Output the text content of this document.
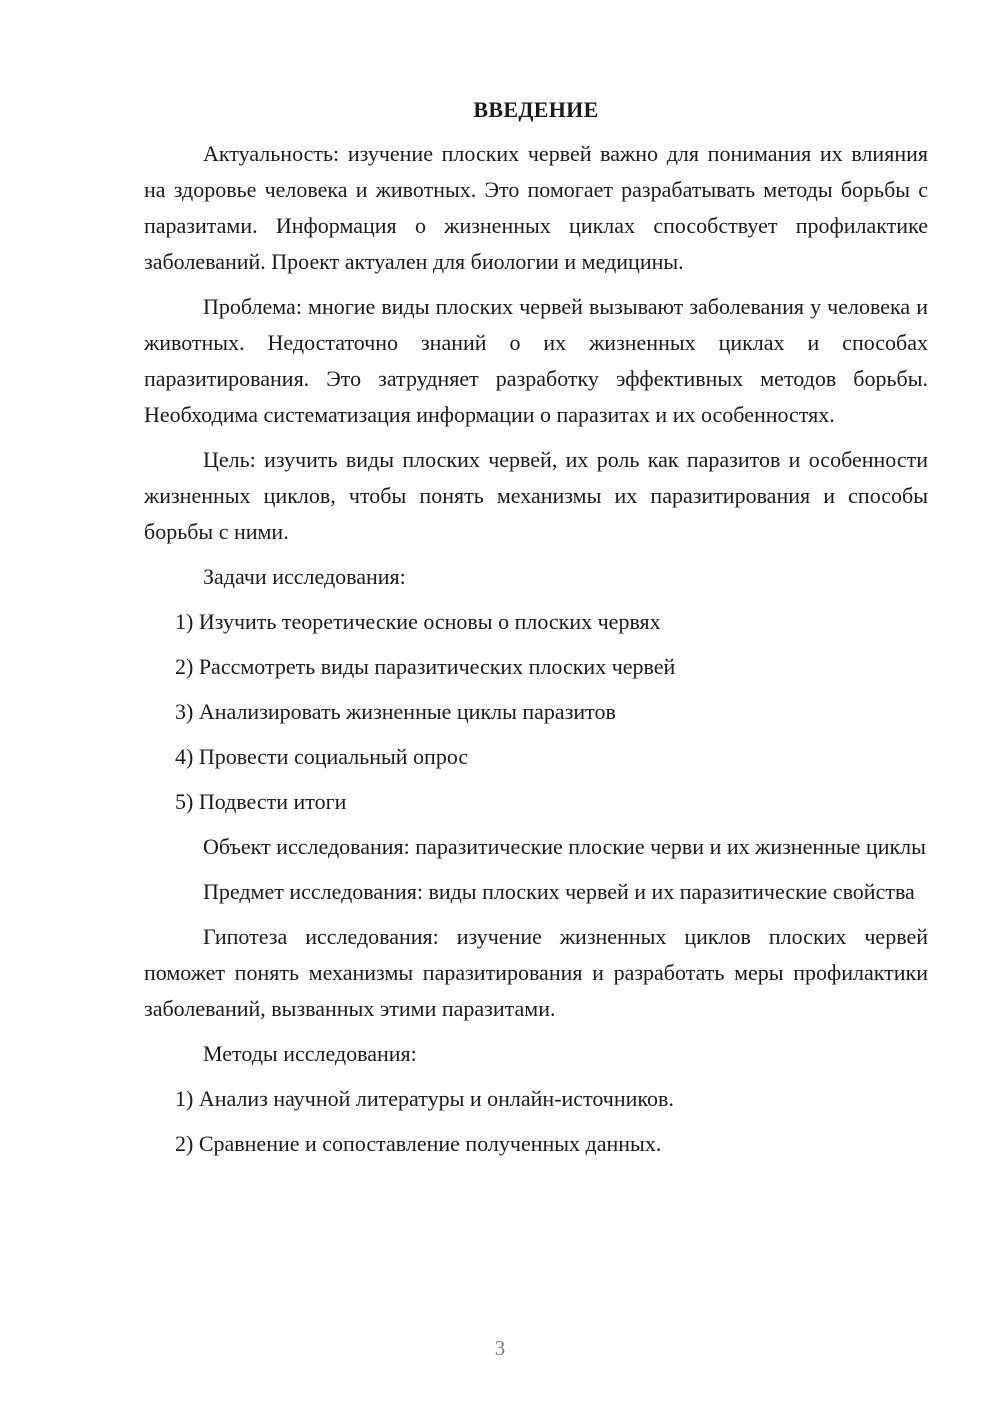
ВВЕДЕНИЕ

Актуальность: изучение плоских червей важно для понимания их влияния на здоровье человека и животных. Это помогает разрабатывать методы борьбы с паразитами. Информация о жизненных циклах способствует профилактике заболеваний. Проект актуален для биологии и медицины.

Проблема: многие виды плоских червей вызывают заболевания у человека и животных. Недостаточно знаний о их жизненных циклах и способах паразитирования. Это затрудняет разработку эффективных методов борьбы. Необходима систематизация информации о паразитах и их особенностях.

Цель: изучить виды плоских червей, их роль как паразитов и особенности жизненных циклов, чтобы понять механизмы их паразитирования и способы борьбы с ними.

Задачи исследования:

1) Изучить теоретические основы о плоских червях
2) Рассмотреть виды паразитических плоских червей
3) Анализировать жизненные циклы паразитов
4) Провести социальный опрос
5) Подвести итоги

Объект исследования: паразитические плоские черви и их жизненные циклы

Предмет исследования: виды плоских червей и их паразитические свойства

Гипотеза исследования: изучение жизненных циклов плоских червей поможет понять механизмы паразитирования и разработать меры профилактики заболеваний, вызванных этими паразитами.

Методы исследования:

1) Анализ научной литературы и онлайн-источников.
2) Сравнение и сопоставление полученных данных.
3
